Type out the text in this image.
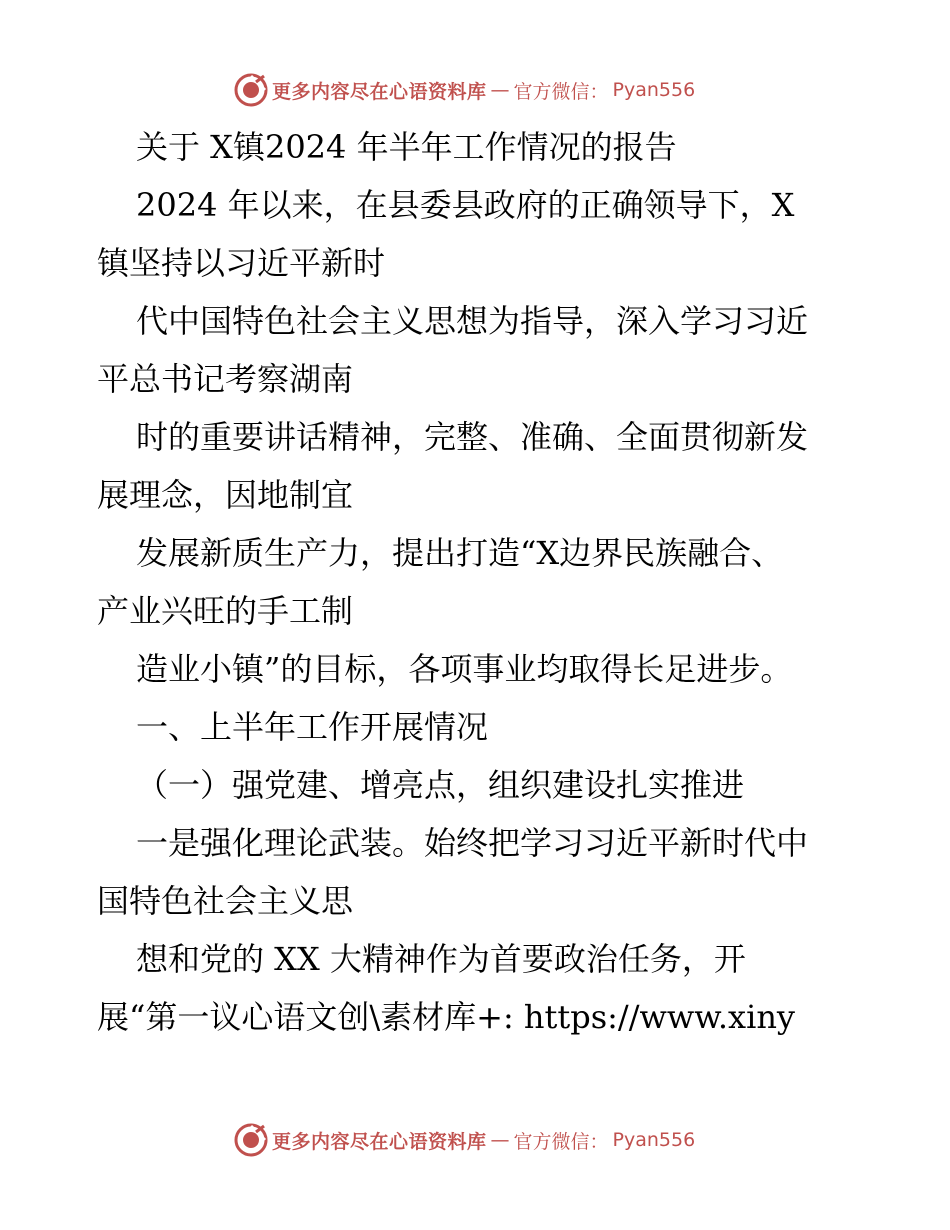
更多内容尽在心语资料库 — 官方微信： Pyan556
关于 X镇2024 年半年工作情况的报告
2024 年以来，在县委县政府的正确领导下，X
镇坚持以习近平新时
代中国特色社会主义思想为指导，深入学习习近
平总书记考察湖南
时的重要讲话精神，完整、准确、全面贯彻新发
展理念，因地制宜
发展新质生产力，提出打造“X边界民族融合、
产业兴旺的手工制
造业小镇”的目标，各项事业均取得长足进步。
一、上半年工作开展情况
（一）强党建、增亮点，组织建设扎实推进
一是强化理论武装。始终把学习习近平新时代中
国特色社会主义思
想和党的 XX 大精神作为首要政治任务，开
展“第一议心语文创\素材库+: https://www.xiny
更多内容尽在心语资料库 — 官方微信： Pyan556
